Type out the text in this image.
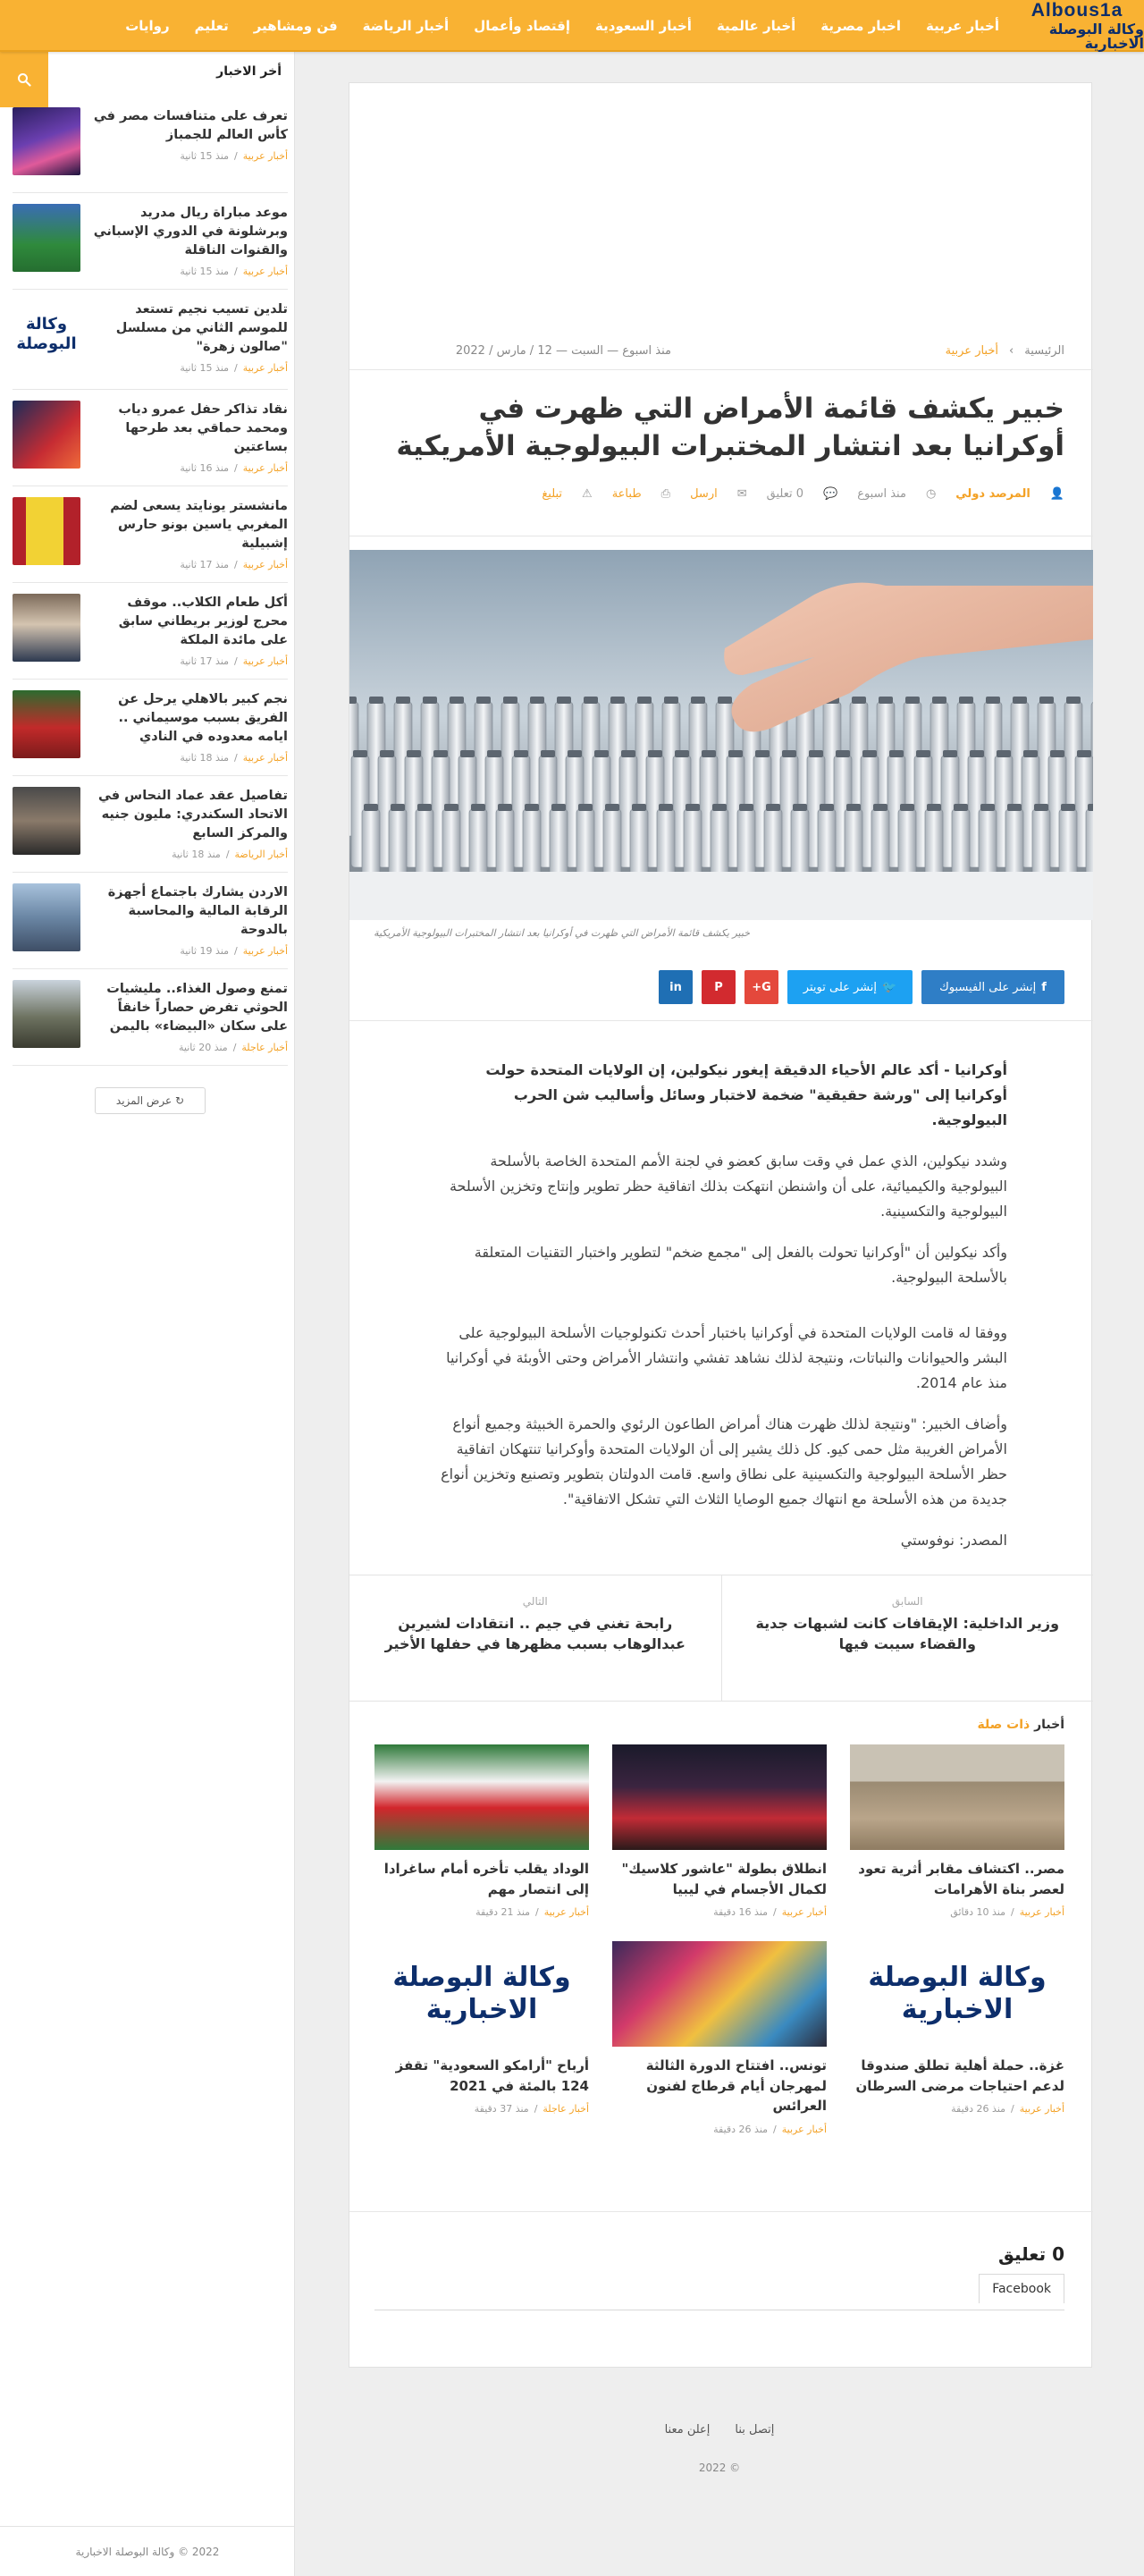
Albous1a
وكالة البوصلة الاخبارية
أخبار عربية
اخبار مصرية
أخبار عالمية
أخبار السعودية
إقتصاد وأعمال
أخبار الرياضة
فن ومشاهير
تعليم
روايات
أخر الاخبار
تعرف على متنافسات مصر في كأس العالم للجمباز
أخبار عربية
/
منذ 15 ثانية
موعد مباراة ريال مدريد وبرشلونة في الدوري الإسباني والقنوات الناقلة
أخبار عربية
/
منذ 15 ثانية
تلدين تسيب نجيم تستعد للموسم الثاني من مسلسل "صالون زهرة"
أخبار عربية
/
منذ 15 ثانية
وكالة
البوصلة
نقاد تذاكر حفل عمرو دياب ومحمد حماقي بعد طرحها بساعتين
أخبار عربية
/
منذ 16 ثانية
مانشستر يونايتد يسعى لضم المغربي ياسين بونو حارس إشبيلية
أخبار عربية
/
منذ 17 ثانية
أكل طعام الكلاب.. موقف محرج لوزير بريطاني سابق على مائدة الملكة
أخبار عربية
/
منذ 17 ثانية
نجم كبير بالاهلي يرحل عن الفريق بسبب موسيماني .. ايامه معدوده في النادي
أخبار عربية
/
منذ 18 ثانية
تفاصيل عقد عماد النحاس في الاتحاد السكندري: مليون جنيه والمركز السابع
أخبار الرياضة
/
منذ 18 ثانية
الاردن يشارك باجتماع أجهزة الرقابة المالية والمحاسبة بالدوحة
أخبار عربية
/
منذ 19 ثانية
تمنع وصول الغذاء.. مليشيات الحوثي تفرض حصاراً خانقاً على سكان «البيضاء» باليمن
أخبار عاجلة
/
منذ 20 ثانية
↻ عرض المزيد
2022 © وكالة البوصلة الاخبارية
الرئيسية
›
أخبار عربية
منذ اسبوع — السبت — 12 / مارس / 2022
خبير يكشف قائمة الأمراض التي ظهرت في أوكرانيا بعد انتشار المختبرات البيولوجية الأمريكية
👤
المرصد دولي
◷
منذ اسبوع
💬
0 تعليق
✉
ارسل
⎙
طباعة
⚠
تبليغ
خبير يكشف قائمة الأمراض التي ظهرت في أوكرانيا بعد انتشار المختبرات البيولوجية الأمريكية
f
إنشر على الفيسبوك
🐦
إنشر على تويتر
G+
P
in

أوكرانيا - أكد عالم الأحياء الدقيقة إيغور نيكولين، إن الولايات المتحدة حولت أوكرانيا إلى "ورشة حقيقية" ضخمة لاختبار وسائل وأساليب شن الحرب البيولوجية.

وشدد نيكولين، الذي عمل في وقت سابق كعضو في لجنة الأمم المتحدة الخاصة بالأسلحة البيولوجية والكيميائية، على أن واشنطن انتهكت بذلك اتفاقية حظر تطوير وإنتاج وتخزين الأسلحة البيولوجية والتكسينية.

وأكد نيكولين أن "أوكرانيا تحولت بالفعل إلى "مجمع ضخم" لتطوير واختبار التقنيات المتعلقة بالأسلحة البيولوجية.

ووفقا له قامت الولايات المتحدة في أوكرانيا باختبار أحدث تكنولوجيات الأسلحة البيولوجية على البشر والحيوانات والنباتات، ونتيجة لذلك نشاهد تفشي وانتشار الأمراض وحتى الأوبئة في أوكرانيا منذ عام 2014.

وأضاف الخبير: "ونتيجة لذلك ظهرت هناك أمراض الطاعون الرئوي والحمرة الخبيثة وجميع أنواع الأمراض الغريبة مثل حمى كيو. كل ذلك يشير إلى أن الولايات المتحدة وأوكرانيا تنتهكان اتفاقية حظر الأسلحة البيولوجية والتكسينية على نطاق واسع. قامت الدولتان بتطوير وتصنيع وتخزين أنواع جديدة من هذه الأسلحة مع انتهاك جميع الوصايا الثلاث التي تشكل الاتفاقية".

المصدر: نوفوستي

السابق
وزير الداخلية: الإيقافات كانت لشبهات جدية والقضاء سيبت فيها
التالي
رابحة تغني في جيم .. انتقادات لشيرين عبدالوهاب بسبب مظهرها في حفلها الأخير
أخبار ذات صلة
مصر.. اكتشاف مقابر أثرية تعود لعصر بناة الأهرامات
أخبار عربية
/
منذ 10 دقائق
انطلاق بطولة "عاشور كلاسيك" لكمال الأجسام في ليبيا
أخبار عربية
/
منذ 16 دقيقة
الوداد يقلب تأخره أمام ساغرادا إلى انتصار مهم
أخبار عربية
/
منذ 21 دقيقة
وكالة البوصلة
الاخبارية
غزة.. حملة أهلية تطلق صندوقا لدعم احتياجات مرضى السرطان
أخبار عربية
/
منذ 26 دقيقة
تونس.. افتتاح الدورة الثالثة لمهرجان أيام قرطاج لفنون العرائس
أخبار عربية
/
منذ 26 دقيقة
وكالة البوصلة
الاخبارية
أرباح "أرامكو السعودية" تقفز 124 بالمئة في 2021
أخبار عاجلة
/
منذ 37 دقيقة
0 تعليق
Facebook
إتصل بنا
إعلن معنا
© 2022
